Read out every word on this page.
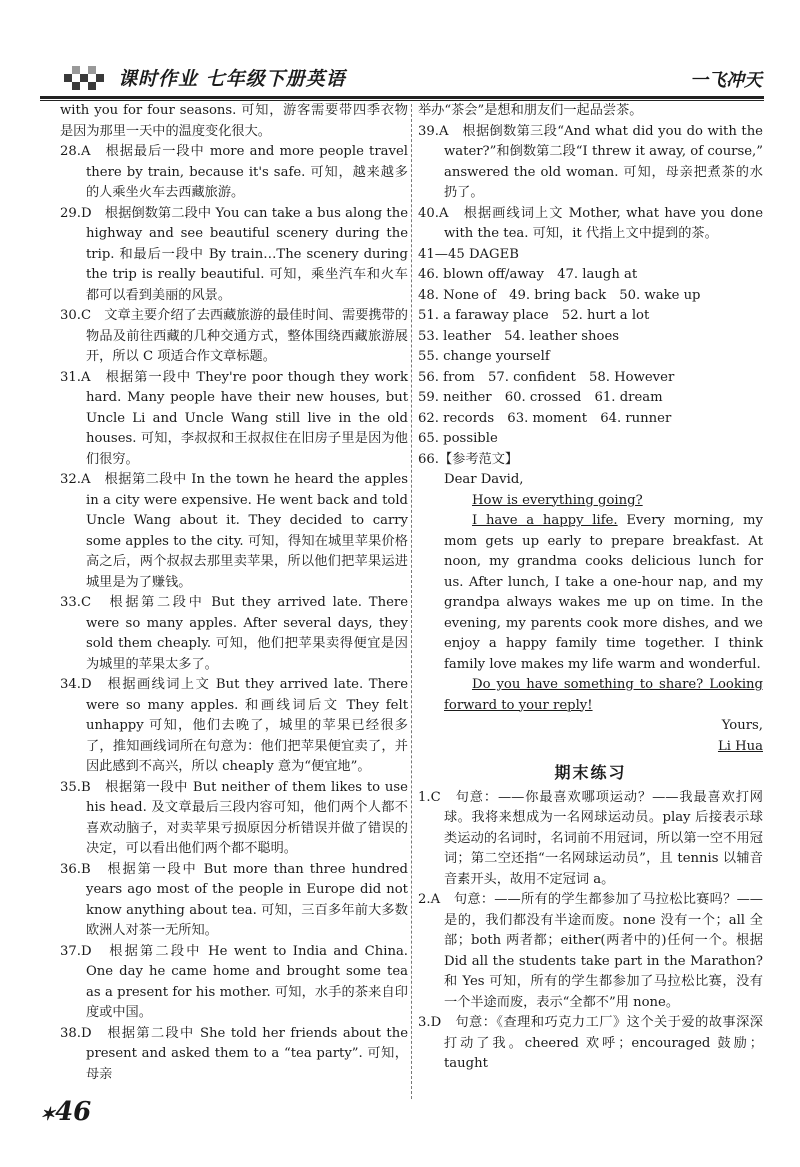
课时作业 七年级下册英语	一飞冲天

with you for four seasons. 可知，游客需要带四季衣物是因为那里一天中的温度变化很大。

28.A　根据最后一段中 more and more people travel there by train, because it's safe. 可知，越来越多的人乘坐火车去西藏旅游。

29.D　根据倒数第二段中 You can take a bus along the highway and see beautiful scenery during the trip. 和最后一段中 By train…The scenery during the trip is really beautiful. 可知，乘坐汽车和火车都可以看到美丽的风景。

30.C　文章主要介绍了去西藏旅游的最佳时间、需要携带的物品及前往西藏的几种交通方式，整体围绕西藏旅游展开，所以 C 项适合作文章标题。

31.A　根据第一段中 They're poor though they work hard. Many people have their new houses, but Uncle Li and Uncle Wang still live in the old houses. 可知，李叔叔和王叔叔住在旧房子里是因为他们很穷。

32.A　根据第二段中 In the town he heard the apples in a city were expensive. He went back and told Uncle Wang about it. They decided to carry some apples to the city. 可知，得知在城里苹果价格高之后，两个叔叔去那里卖苹果，所以他们把苹果运进城里是为了赚钱。

33.C　根据第二段中 But they arrived late. There were so many apples. After several days, they sold them cheaply. 可知，他们把苹果卖得便宜是因为城里的苹果太多了。

34.D　根据画线词上文 But they arrived late. There were so many apples. 和画线词后文 They felt unhappy 可知，他们去晚了，城里的苹果已经很多了，推知画线词所在句意为：他们把苹果便宜卖了，并因此感到不高兴，所以 cheaply 意为“便宜地”。

35.B　根据第一段中 But neither of them likes to use his head. 及文章最后三段内容可知，他们两个人都不喜欢动脑子，对卖苹果亏损原因分析错误并做了错误的决定，可以看出他们两个都不聪明。

36.B　根据第一段中 But more than three hundred years ago most of the people in Europe did not know anything about tea. 可知，三百多年前大多数欧洲人对茶一无所知。

37.D　根据第二段中 He went to India and China. One day he came home and brought some tea as a present for his mother. 可知，水手的茶来自印度或中国。

38.D　根据第二段中 She told her friends about the present and asked them to a “tea party”. 可知，母亲

举办“茶会”是想和朋友们一起品尝茶。

39.A　根据倒数第三段“And what did you do with the water?”和倒数第二段“I threw it away, of course,” answered the old woman. 可知，母亲把煮茶的水扔了。

40.A　根据画线词上文 Mother, what have you done with the tea. 可知，it 代指上文中提到的茶。

41—45 DAGEB

46. blown off/away　47. laugh at

48. None of　49. bring back　50. wake up

51. a faraway place　52. hurt a lot

53. leather　54. leather shoes

55. change yourself

56. from　57. confident　58. However

59. neither　60. crossed　61. dream

62. records　63. moment　64. runner

65. possible

66.【参考范文】

Dear David,

How is everything going?

I have a happy life. Every morning, my mom gets up early to prepare breakfast. At noon, my grandma cooks delicious lunch for us. After lunch, I take a one-hour nap, and my grandpa always wakes me up on time. In the evening, my parents cook more dishes, and we enjoy a happy family time together. I think family love makes my life warm and wonderful.

Do you have something to share? Looking forward to your reply!

Yours,

Li Hua

期末练习

1.C　句意：——你最喜欢哪项运动？——我最喜欢打网球。我将来想成为一名网球运动员。play 后接表示球类运动的名词时，名词前不用冠词，所以第一空不用冠词；第二空还指“一名网球运动员”，且 tennis 以辅音音素开头，故用不定冠词 a。

2.A　句意：——所有的学生都参加了马拉松比赛吗？——是的，我们都没有半途而废。none 没有一个；all 全部；both 两者都；either(两者中的)任何一个。根据 Did all the students take part in the Marathon? 和 Yes 可知，所有的学生都参加了马拉松比赛，没有一个半途而废，表示“全都不”用 none。

3.D　句意：《查理和巧克力工厂》这个关于爱的故事深深打动了我。cheered 欢呼；encouraged 鼓励；taught

✶46
